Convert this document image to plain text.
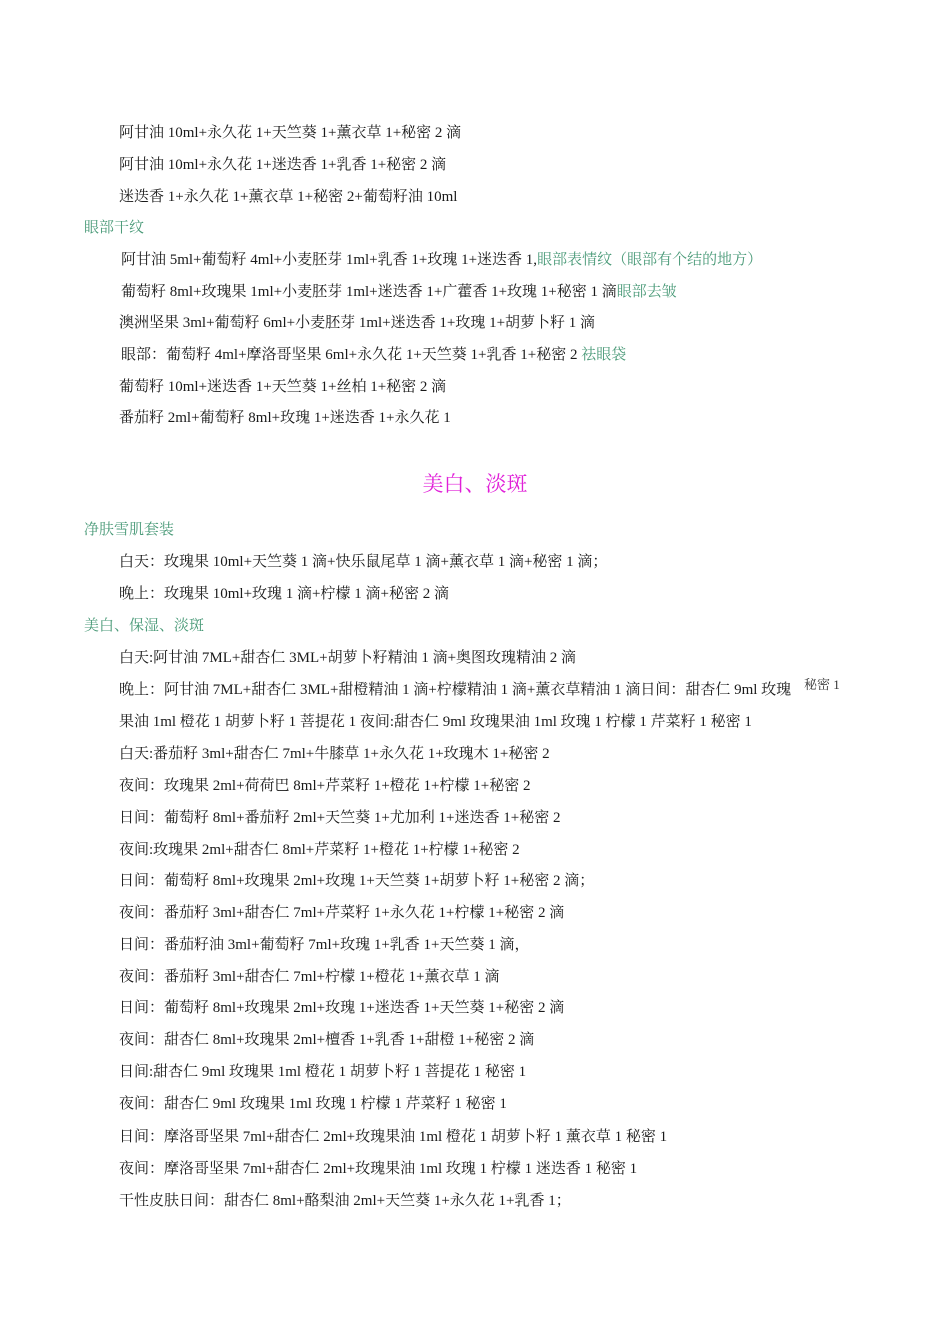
阿甘油 10ml+永久花 1+天竺葵 1+薰衣草 1+秘密 2 滴
阿甘油 10ml+永久花 1+迷迭香 1+乳香 1+秘密 2 滴
迷迭香 1+永久花 1+薰衣草 1+秘密 2+葡萄籽油 10ml
眼部干纹
阿甘油 5ml+葡萄籽 4ml+小麦胚芽 1ml+乳香 1+玫瑰 1+迷迭香 1,眼部表情纹（眼部有个结的地方）
葡萄籽 8ml+玫瑰果 1ml+小麦胚芽 1ml+迷迭香 1+广藿香 1+玫瑰 1+秘密 1 滴眼部去皱
澳洲坚果 3ml+葡萄籽 6ml+小麦胚芽 1ml+迷迭香 1+玫瑰 1+胡萝卜籽 1 滴
眼部：葡萄籽 4ml+摩洛哥坚果 6ml+永久花 1+天竺葵 1+乳香 1+秘密 2 祛眼袋
葡萄籽 10ml+迷迭香 1+天竺葵 1+丝柏 1+秘密 2 滴
番茄籽 2ml+葡萄籽 8ml+玫瑰 1+迷迭香 1+永久花 1
美白、淡斑
净肤雪肌套装
白天：玫瑰果 10ml+天竺葵 1 滴+快乐鼠尾草 1 滴+薰衣草 1 滴+秘密 1 滴；
晚上：玫瑰果 10ml+玫瑰 1 滴+柠檬 1 滴+秘密 2 滴
美白、保湿、淡斑
白天:阿甘油 7ML+甜杏仁 3ML+胡萝卜籽精油 1 滴+奥图玫瑰精油 2 滴
晚上：阿甘油 7ML+甜杏仁 3ML+甜橙精油 1 滴+柠檬精油 1 滴+薰衣草精油 1 滴日间：甜杏仁 9ml 玫瑰 秘密 1
果油 1ml 橙花 1 胡萝卜籽 1 菩提花 1 夜间:甜杏仁 9ml 玫瑰果油 1ml 玫瑰 1 柠檬 1 芹菜籽 1 秘密 1
白天:番茄籽 3ml+甜杏仁 7ml+牛膝草 1+永久花 1+玫瑰木 1+秘密 2
夜间：玫瑰果 2ml+荷荷巴 8ml+芹菜籽 1+橙花 1+柠檬 1+秘密 2
日间：葡萄籽 8ml+番茄籽 2ml+天竺葵 1+尤加利 1+迷迭香 1+秘密 2
夜间:玫瑰果 2ml+甜杏仁 8ml+芹菜籽 1+橙花 1+柠檬 1+秘密 2
日间：葡萄籽 8ml+玫瑰果 2ml+玫瑰 1+天竺葵 1+胡萝卜籽 1+秘密 2 滴；
夜间：番茄籽 3ml+甜杏仁 7ml+芹菜籽 1+永久花 1+柠檬 1+秘密 2 滴
日间：番茄籽油 3ml+葡萄籽 7ml+玫瑰 1+乳香 1+天竺葵 1 滴，
夜间：番茄籽 3ml+甜杏仁 7ml+柠檬 1+橙花 1+薰衣草 1 滴
日间：葡萄籽 8ml+玫瑰果 2ml+玫瑰 1+迷迭香 1+天竺葵 1+秘密 2 滴
夜间：甜杏仁 8ml+玫瑰果 2ml+檀香 1+乳香 1+甜橙 1+秘密 2 滴
日间:甜杏仁 9ml 玫瑰果 1ml 橙花 1 胡萝卜籽 1 菩提花 1 秘密 1
夜间：甜杏仁 9ml 玫瑰果 1ml 玫瑰 1 柠檬 1 芹菜籽 1 秘密 1
日间：摩洛哥坚果 7ml+甜杏仁 2ml+玫瑰果油 1ml 橙花 1 胡萝卜籽 1 薰衣草 1 秘密 1
夜间：摩洛哥坚果 7ml+甜杏仁 2ml+玫瑰果油 1ml 玫瑰 1 柠檬 1 迷迭香 1 秘密 1
干性皮肤日间：甜杏仁 8ml+酪梨油 2ml+天竺葵 1+永久花 1+乳香 1；
